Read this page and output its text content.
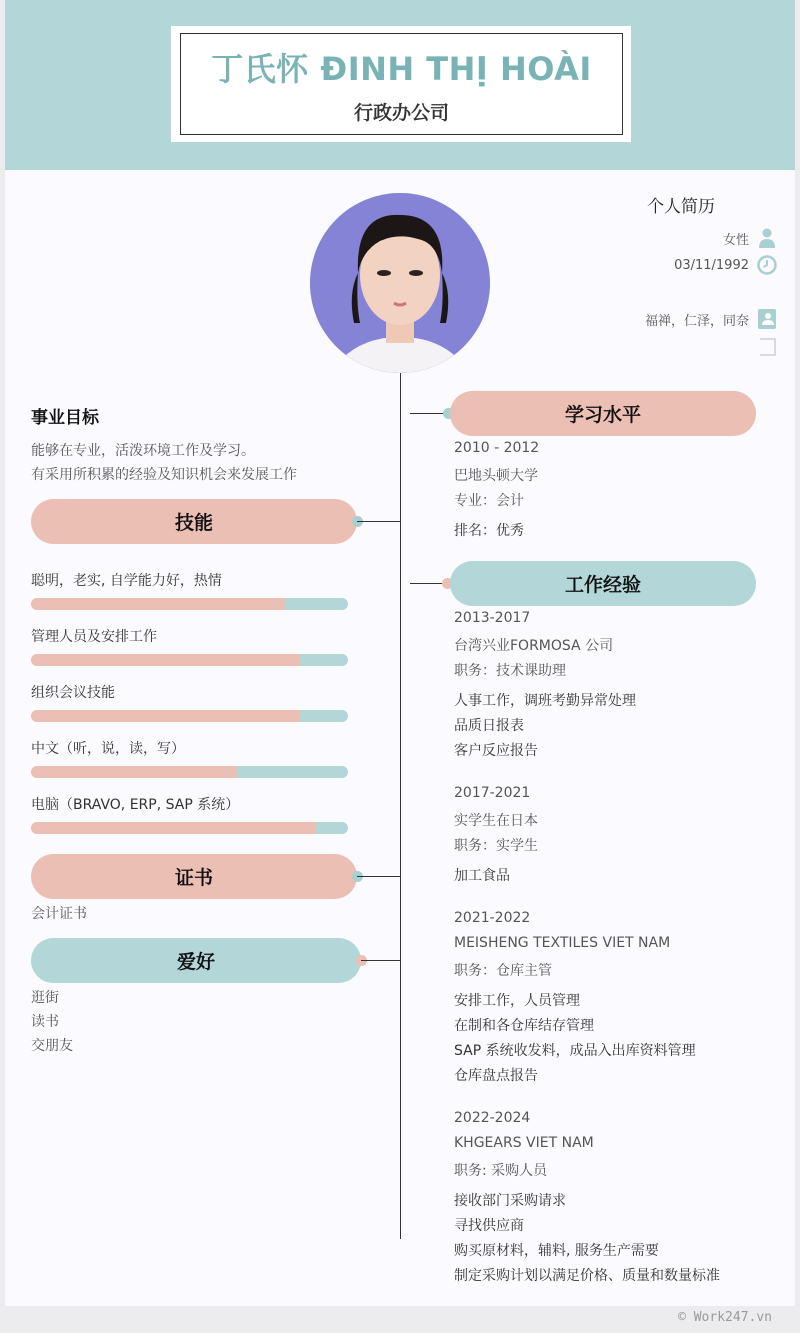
丁氏怀 ĐINH THỊ HOÀI
行政办公司
个人简历
女性
03/11/1992
福禅，仁泽，同奈
事业目标
能够在专业，活泼环境工作及学习。
有采用所积累的经验及知识机会来发展工作
技能
聪明，老实, 自学能力好，热情
管理人员及安排工作
组织会议技能
中文（听，说，读，写）
电脑（BRAVO, ERP, SAP 系统）
证书
会计证书
爱好
逛街
读书
交朋友
学习水平
2010 - 2012
巴地头顿大学
专业：会计
排名：优秀
工作经验
2013-2017
台湾兴业FORMOSA 公司
职务：技术课助理
人事工作，调班考勤异常处理
品质日报表
客户反应报告
2017-2021
实学生在日本
职务：实学生
加工食品
2021-2022
MEISHENG TEXTILES VIET NAM
职务：仓库主管
安排工作，人员管理
在制和各仓库结存管理
SAP 系统收发料，成品入出库资料管理
仓库盘点报告
2022-2024
KHGEARS VIET NAM
职务: 采购人员
接收部门采购请求
寻找供应商
购买原材料，辅料, 服务生产需要
制定采购计划以满足价格、质量和数量标准
© Work247.vn
